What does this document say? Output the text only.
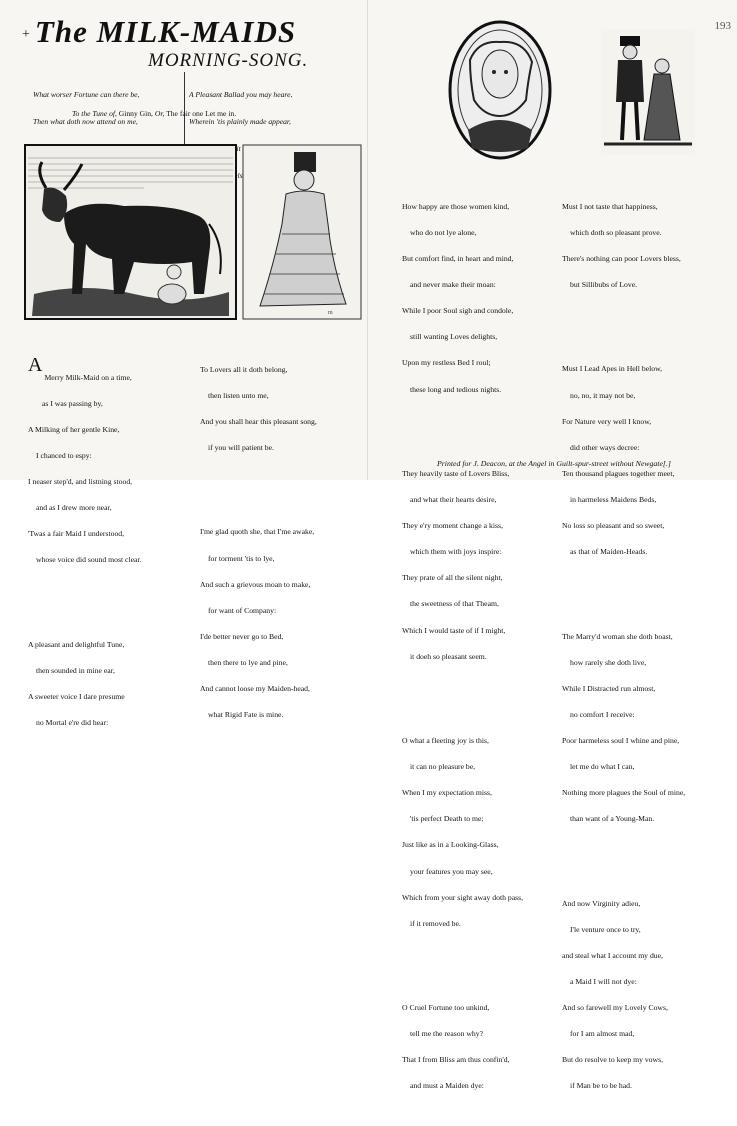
+ The MILK-MAIDS
MORNING-SONG.

What worser Fortune can there be,

Then what doth now attend on me,

A Pleasant Ballad you may heare,

Wherein 'tis plainly made appear,

To the Tune of, Ginny Gin, Or, The fair one Let me in.
m
193

A

Merry Milk-Maid on a time,

as I was passing by,

A Milking of her gentle Kine,

I chanced to espy:

I neaser step'd, and listning stood,

and as I drew more near,

'Twas a fair Maid I understood,

whose voice did sound most clear.

A pleasant and delightful Tune,

then sounded in mine ear,

A sweeter voice I dare presume

no Mortal e're did hear:

To Lovers all it doth belong,

then listen unto me,

And you shall hear this pleasant song,

if you will patient be.

I'me glad quoth she, that I'me awake,

for torment 'tis to lye,

And such a grievous moan to make,

for want of Company:

I'de better never go to Bed,

then there to lye and pine,

And cannot loose my Maiden-head,

what Rigid Fate is mine.

How happy are those women kind,

who do not lye alone,

But comfort find, in heart and mind,

and never make their moan:

While I poor Soul sigh and condole,

still wanting Loves delights,

Upon my restless Bed I roul;

these long and tedious nights.

They heavily taste of Lovers Bliss,

and what their hearts desire,

They e'ry moment change a kiss,

which them with joys inspire:

They prate of all the silent night,

the sweetness of that Theam,

Which I would taste of if I might,

it doeh so pleasant seem.

O what a fleeting joy is this,

it can no pleasure be,

When I my expectation miss,

'tis perfect Death to me;

Just like as in a Looking-Glass,

your features you may see,

Which from your sight away doth pass,

if it removed be.

O Cruel Fortune too unkind,

tell me the reason why?

That I from Bliss am thus confin'd,

and must a Maiden dye:

Must I not taste that happiness,

which doth so pleasant prove.

There's nothing can poor Lovers bless,

but Sillibubs of Love.

Must I Lead Apes in Hell below,

no, no, it may not be,

For Nature very well I know,

did other ways decree:

Ten thousand plagues together meet,

in harmeless Maidens Beds,

No loss so pleasant and so sweet,

as that of Maiden-Heads.

The Marry'd woman she doth boast,

how rarely she doth live,

While I Distracted run almost,

no comfort I receive:

Poor harmeless soul I whine and pine,

let me do what I can,

Nothing more plagues the Soul of mine,

than want of a Young-Man.

And now Virginity adieu,

I'le venture once to try,

and steal what I account my due,

a Maid I will not dye:

And so farewell my Lovely Cows,

for I am almost mad,

But do resolve to keep my vows,

if Man be to be had.

Printed for J. Deacon, at the Angel in Guilt-spur-street without Newgate[.]
